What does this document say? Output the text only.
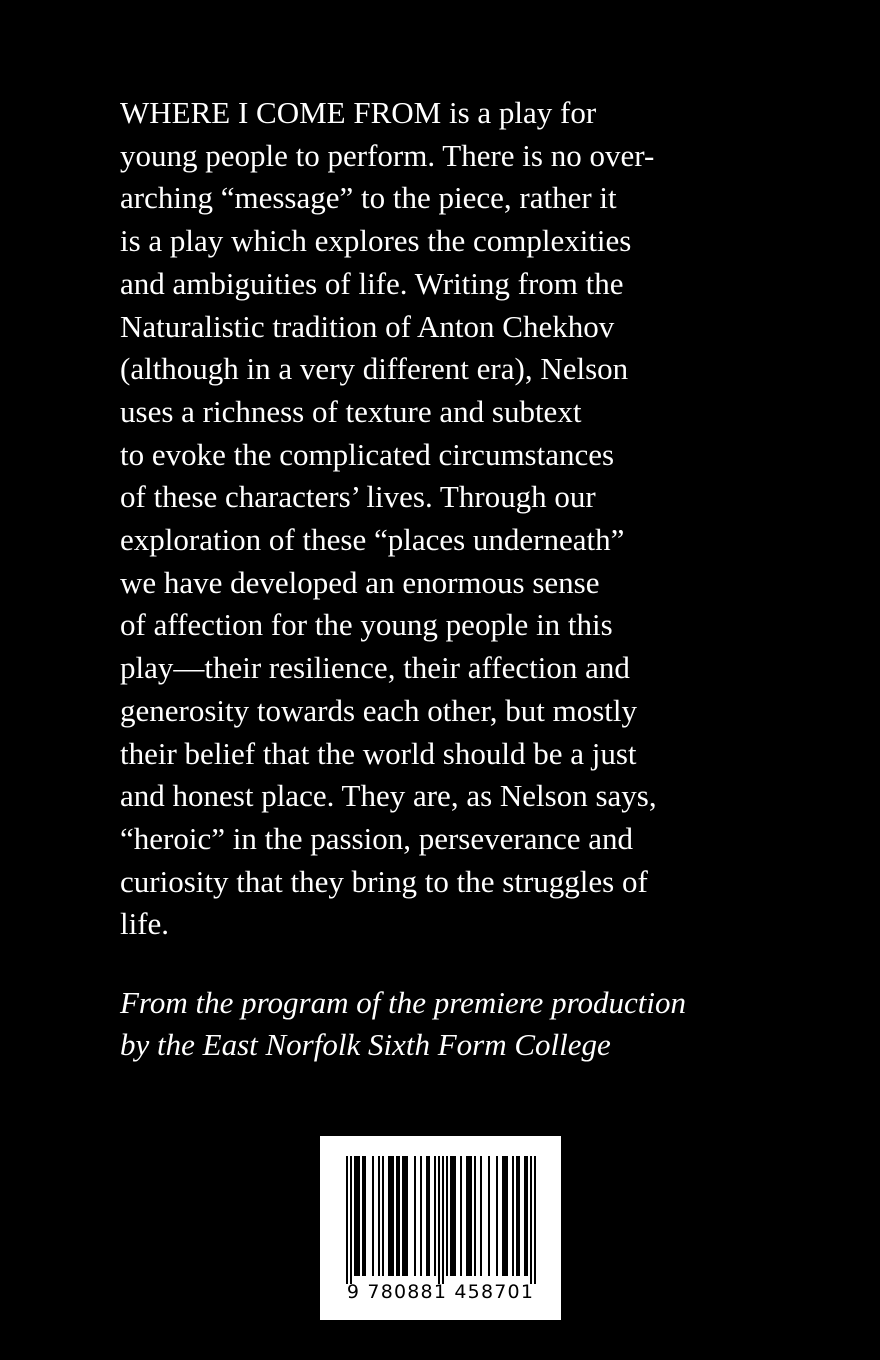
WHERE I COME FROM is a play for
young people to perform. There is no over-
arching “message” to the piece, rather it
is a play which explores the complexities
and ambiguities of life. Writing from the
Naturalistic tradition of Anton Chekhov
(although in a very different era), Nelson
uses a richness of texture and subtext
to evoke the complicated circumstances
of these characters’ lives. Through our
exploration of these “places underneath”
we have developed an enormous sense
of affection for the young people in this
play—their resilience, their affection and
generosity towards each other, but mostly
their belief that the world should be a just
and honest place. They are, as Nelson says,
“heroic” in the passion, perseverance and
curiosity that they bring to the struggles of
life.
From the program of the premiere production
by the East Norfolk Sixth Form College
9 780881 458701
